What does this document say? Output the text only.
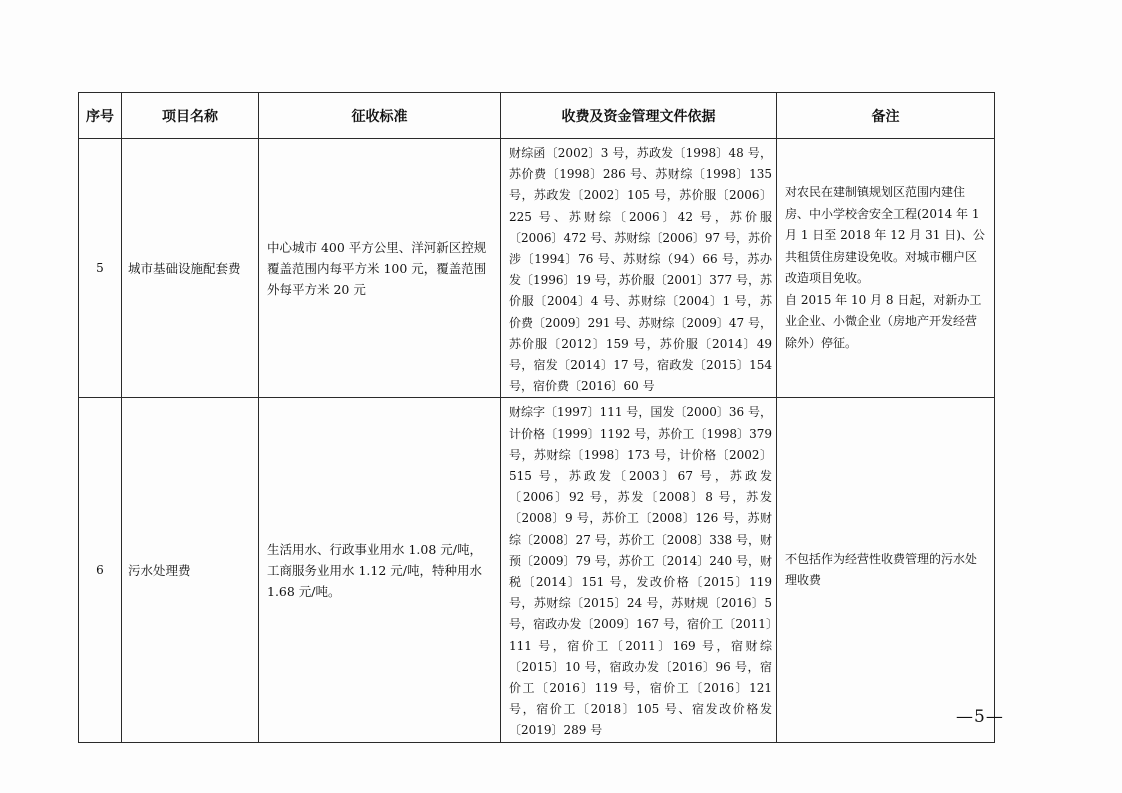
序号	项目名称	征收标准	收费及资金管理文件依据	备注
5	城市基础设施配套费	中心城市 400 平方公里、洋河新区控规覆盖范围内每平方米 100 元，覆盖范围外每平方米 20 元	财综函〔2002〕3 号，苏政发〔1998〕48 号，苏价费〔1998〕286 号、苏财综〔1998〕135 号，苏政发〔2002〕105 号，苏价服〔2006〕225 号、苏财综〔2006〕42 号，苏价服〔2006〕472 号、苏财综〔2006〕97 号，苏价涉〔1994〕76 号、苏财综（94）66 号，苏办发〔1996〕19 号，苏价服〔2001〕377 号，苏价服〔2004〕4 号、苏财综〔2004〕1 号，苏价费〔2009〕291 号、苏财综〔2009〕47 号，苏价服〔2012〕159 号，苏价服〔2014〕49 号，宿发〔2014〕17 号，宿政发〔2015〕154 号，宿价费〔2016〕60 号	对农民在建制镇规划区范围内建住房、中小学校舍安全工程(2014 年 1 月 1 日至 2018 年 12 月 31 日)、公共租赁住房建设免收。对城市棚户区改造项目免收。
自 2015 年 10 月 8 日起，对新办工业企业、小微企业（房地产开发经营除外）停征。

6	污水处理费	生活用水、行政事业用水 1.08 元/吨，工商服务业用水 1.12 元/吨，特种用水 1.68 元/吨。	财综字〔1997〕111 号，国发〔2000〕36 号，计价格〔1999〕1192 号，苏价工〔1998〕379 号，苏财综〔1998〕173 号，计价格〔2002〕515 号，苏政发〔2003〕67 号，苏政发〔2006〕92 号，苏发〔2008〕8 号，苏发〔2008〕9 号，苏价工〔2008〕126 号，苏财综〔2008〕27 号，苏价工〔2008〕338 号，财预〔2009〕79 号，苏价工〔2014〕240 号，财税〔2014〕151 号，发改价格〔2015〕119 号，苏财综〔2015〕24 号，苏财规〔2016〕5 号，宿政办发〔2009〕167 号，宿价工〔2011〕111 号，宿价工〔2011〕169 号，宿财综〔2015〕10 号，宿政办发〔2016〕96 号，宿价工〔2016〕119 号，宿价工〔2016〕121 号，宿价工〔2018〕105 号、宿发改价格发〔2019〕289 号	不包括作为经营性收费管理的污水处理收费
—5—
